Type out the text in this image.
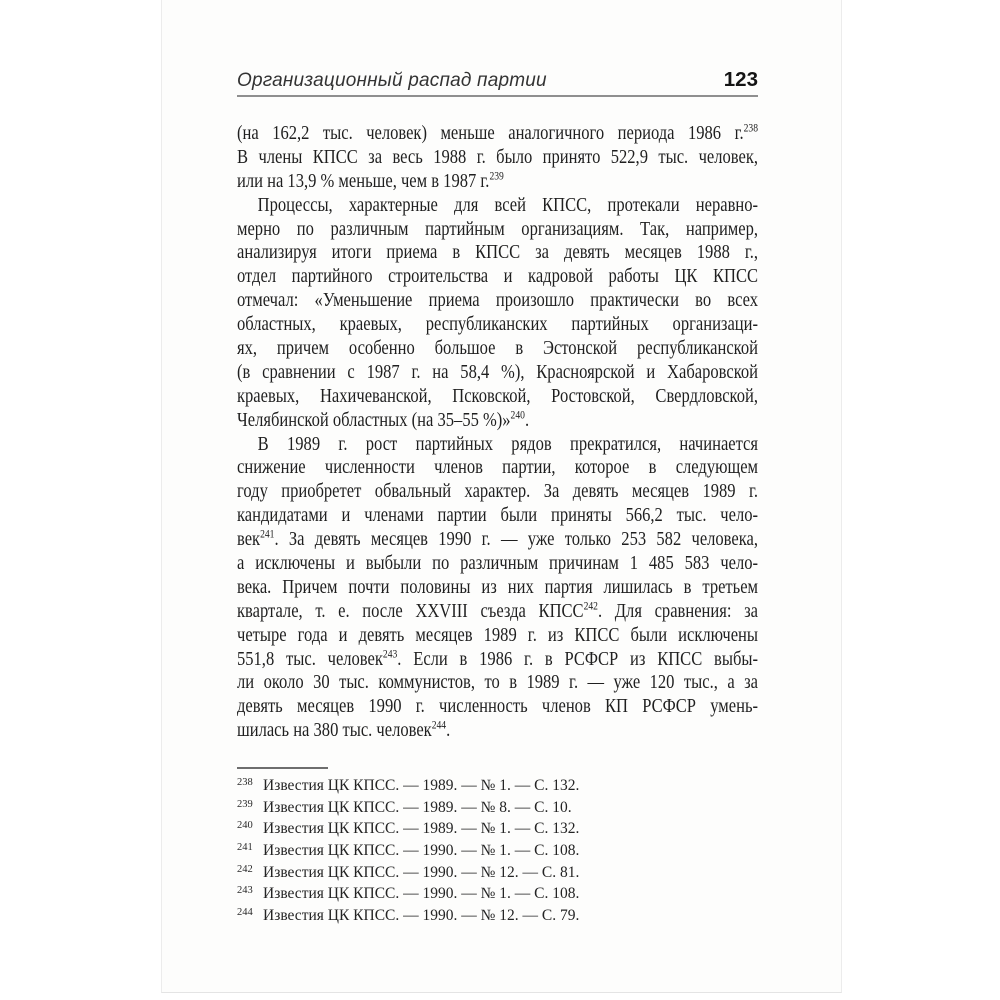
Организационный распад партии	123
(на 162,2 тыс. человек) меньше аналогичного периода 1986 г.$^{238}$
В члены КПСС за весь 1988 г. было принято 522,9 тыс. человек,
или на 13,9 % меньше, чем в 1987 г.$^{239}$
Процессы, характерные для всей КПСС, протекали неравно-
мерно по различным партийным организациям. Так, например,
анализируя итоги приема в КПСС за девять месяцев 1988 г.,
отдел партийного строительства и кадровой работы ЦК КПСС
отмечал: «Уменьшение приема произошло практически во всех
областных, краевых, республиканских партийных организаци-
ях, причем особенно большое в Эстонской республиканской
(в сравнении с 1987 г. на 58,4 %), Красноярской и Хабаровской
краевых, Нахичеванской, Псковской, Ростовской, Свердловской,
Челябинской областных (на 35–55 %)»$^{240}$.
В 1989 г. рост партийных рядов прекратился, начинается
снижение численности членов партии, которое в следующем
году приобретет обвальный характер. За девять месяцев 1989 г.
кандидатами и членами партии были приняты 566,2 тыс. чело-
век$^{241}$. За девять месяцев 1990 г. — уже только 253 582 человека,
а исключены и выбыли по различным причинам 1 485 583 чело-
века. Причем почти половины из них партия лишилась в третьем
квартале, т. е. после XXVIII съезда КПСС$^{242}$. Для сравнения: за
четыре года и девять месяцев 1989 г. из КПСС были исключены
551,8 тыс. человек$^{243}$. Если в 1986 г. в РСФСР из КПСС выбы-
ли около 30 тыс. коммунистов, то в 1989 г. — уже 120 тыс., а за
девять месяцев 1990 г. численность членов КП РСФСР умень-
шилась на 380 тыс. человек$^{244}$.
238 Известия ЦК КПСС. — 1989. — № 1. — С. 132.
239 Известия ЦК КПСС. — 1989. — № 8. — С. 10.
240 Известия ЦК КПСС. — 1989. — № 1. — С. 132.
241 Известия ЦК КПСС. — 1990. — № 1. — С. 108.
242 Известия ЦК КПСС. — 1990. — № 12. — С. 81.
243 Известия ЦК КПСС. — 1990. — № 1. — С. 108.
244 Известия ЦК КПСС. — 1990. — № 12. — С. 79.
